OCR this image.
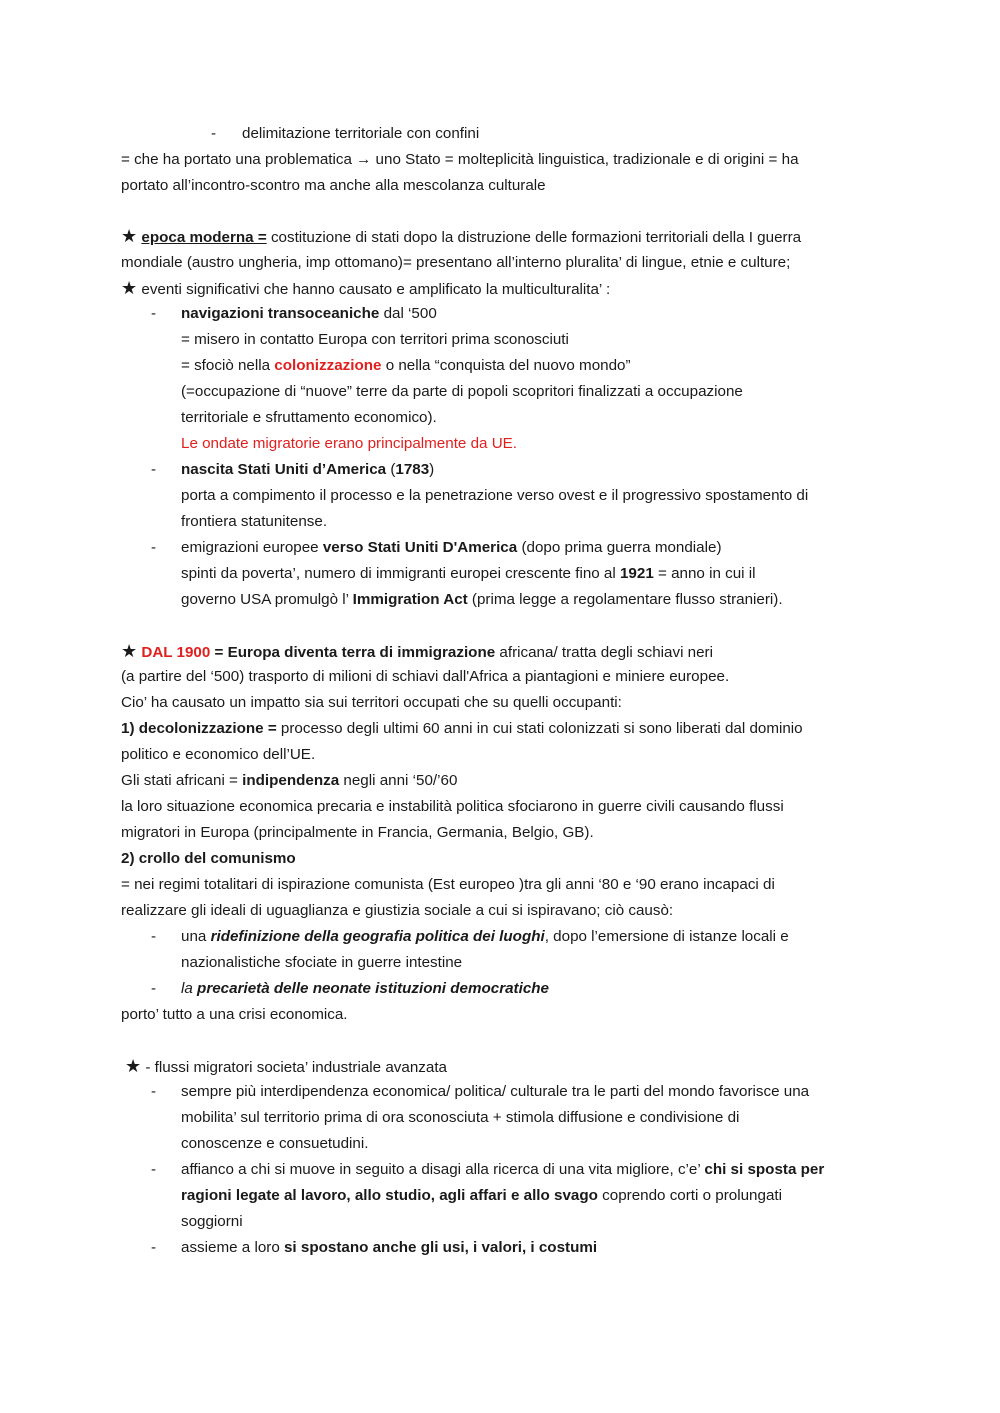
- delimitazione territoriale con confini
= che ha portato una problematica → uno Stato = molteplicità linguistica, tradizionale e di origini = ha
portato all’incontro-scontro ma anche alla mescolanza culturale
★ epoca moderna = costituzione di stati dopo la distruzione delle formazioni territoriali della I guerra
mondiale (austro ungheria, imp ottomano)= presentano all’interno pluralita’ di lingue, etnie e culture;
★ eventi significativi che hanno causato e amplificato la multiculturalita’ :
- navigazioni transoceaniche dal ‘500
= misero in contatto Europa con territori prima sconosciuti
= sfociò nella colonizzazione o nella “conquista del nuovo mondo”
(=occupazione di “nuove” terre da parte di popoli scopritori finalizzati a occupazione
territoriale e sfruttamento economico).
Le ondate migratorie erano principalmente da UE.
- nascita Stati Uniti d’America (1783)
porta a compimento il processo e la penetrazione verso ovest e il progressivo spostamento di
frontiera statunitense.
- emigrazioni europee verso Stati Uniti D'America (dopo prima guerra mondiale)
spinti da poverta’, numero di immigranti europei crescente fino al 1921 = anno in cui il
governo USA promulgò l’ Immigration Act (prima legge a regolamentare flusso stranieri).
★ DAL 1900 = Europa diventa terra di immigrazione africana/ tratta degli schiavi neri
(a partire del ‘500) trasporto di milioni di schiavi dall'Africa a piantagioni e miniere europee.
Cio’ ha causato un impatto sia sui territori occupati che su quelli occupanti:
1) decolonizzazione = processo degli ultimi 60 anni in cui stati colonizzati si sono liberati dal dominio
politico e economico dell’UE.
Gli stati africani = indipendenza negli anni ‘50/’60
la loro situazione economica precaria e instabilità politica sfociarono in guerre civili causando flussi
migratori in Europa (principalmente in Francia, Germania, Belgio, GB).
2) crollo del comunismo
= nei regimi totalitari di ispirazione comunista (Est europeo )tra gli anni ‘80 e ‘90 erano incapaci di
realizzare gli ideali di uguaglianza e giustizia sociale a cui si ispiravano; ciò causò:
- una ridefinizione della geografia politica dei luoghi, dopo l’emersione di istanze locali e
nazionalistiche sfociate in guerre intestine
- la precarietà delle neonate istituzioni democratiche
porto’ tutto a una crisi economica.
★ - flussi migratori societa’ industriale avanzata
- sempre più interdipendenza economica/ politica/ culturale tra le parti del mondo favorisce una
mobilita’ sul territorio prima di ora sconosciuta + stimola diffusione e condivisione di
conoscenze e consuetudini.
- affianco a chi si muove in seguito a disagi alla ricerca di una vita migliore, c’e’ chi si sposta per
ragioni legate al lavoro, allo studio, agli affari e allo svago coprendo corti o prolungati
soggiorni
- assieme a loro si spostano anche gli usi, i valori, i costumi
